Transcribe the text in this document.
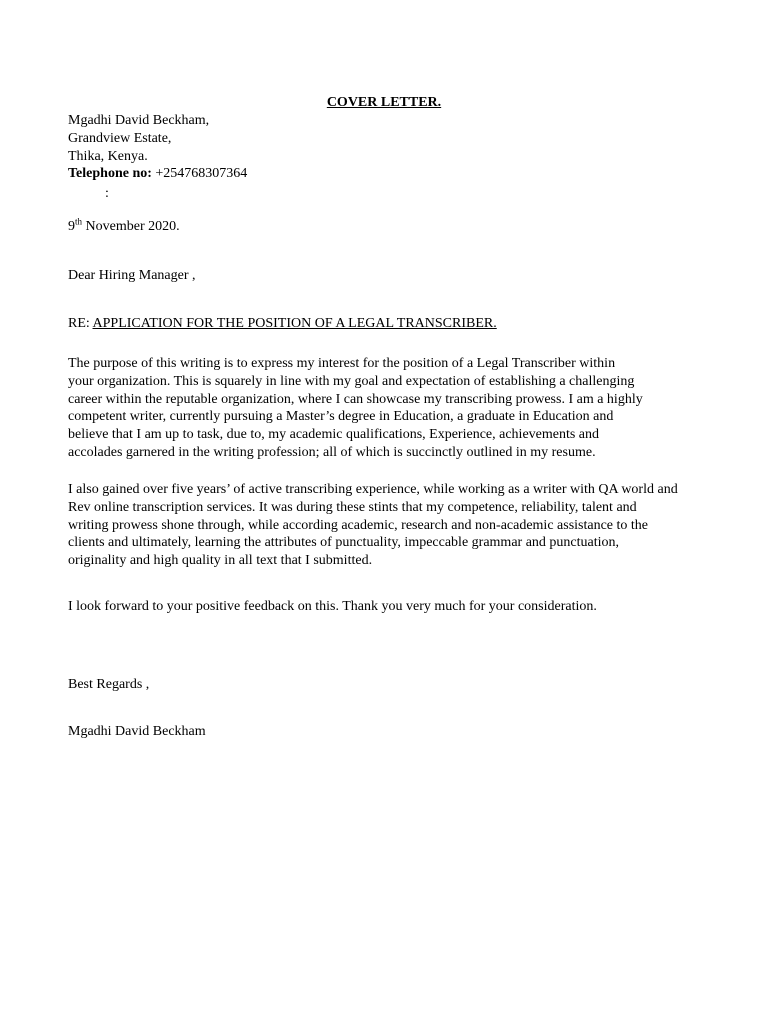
COVER LETTER.
Mgadhi David Beckham,
Grandview Estate,
Thika, Kenya.
Telephone no: +254768307364
:
9th November 2020.
Dear Hiring Manager ,
RE: APPLICATION FOR THE POSITION OF A LEGAL TRANSCRIBER.
The purpose of this writing is to express my interest for the position of a Legal Transcriber within
your organization. This is squarely in line with my goal and expectation of establishing a challenging
career within the reputable organization, where I can showcase my transcribing prowess. I am a highly
competent writer, currently pursuing a Master’s degree in Education, a graduate in Education and
believe that I am up to task, due to, my academic qualifications, Experience, achievements and
accolades garnered in the writing profession; all of which is succinctly outlined in my resume.
I also gained over five years’ of active transcribing experience, while working as a writer with QA world and
Rev online transcription services. It was during these stints that my competence, reliability, talent and
writing prowess shone through, while according academic, research and non-academic assistance to the
clients and ultimately, learning the attributes of punctuality, impeccable grammar and punctuation,
originality and high quality in all text that I submitted.
I look forward to your positive feedback on this. Thank you very much for your consideration.
Best Regards ,
Mgadhi David Beckham
